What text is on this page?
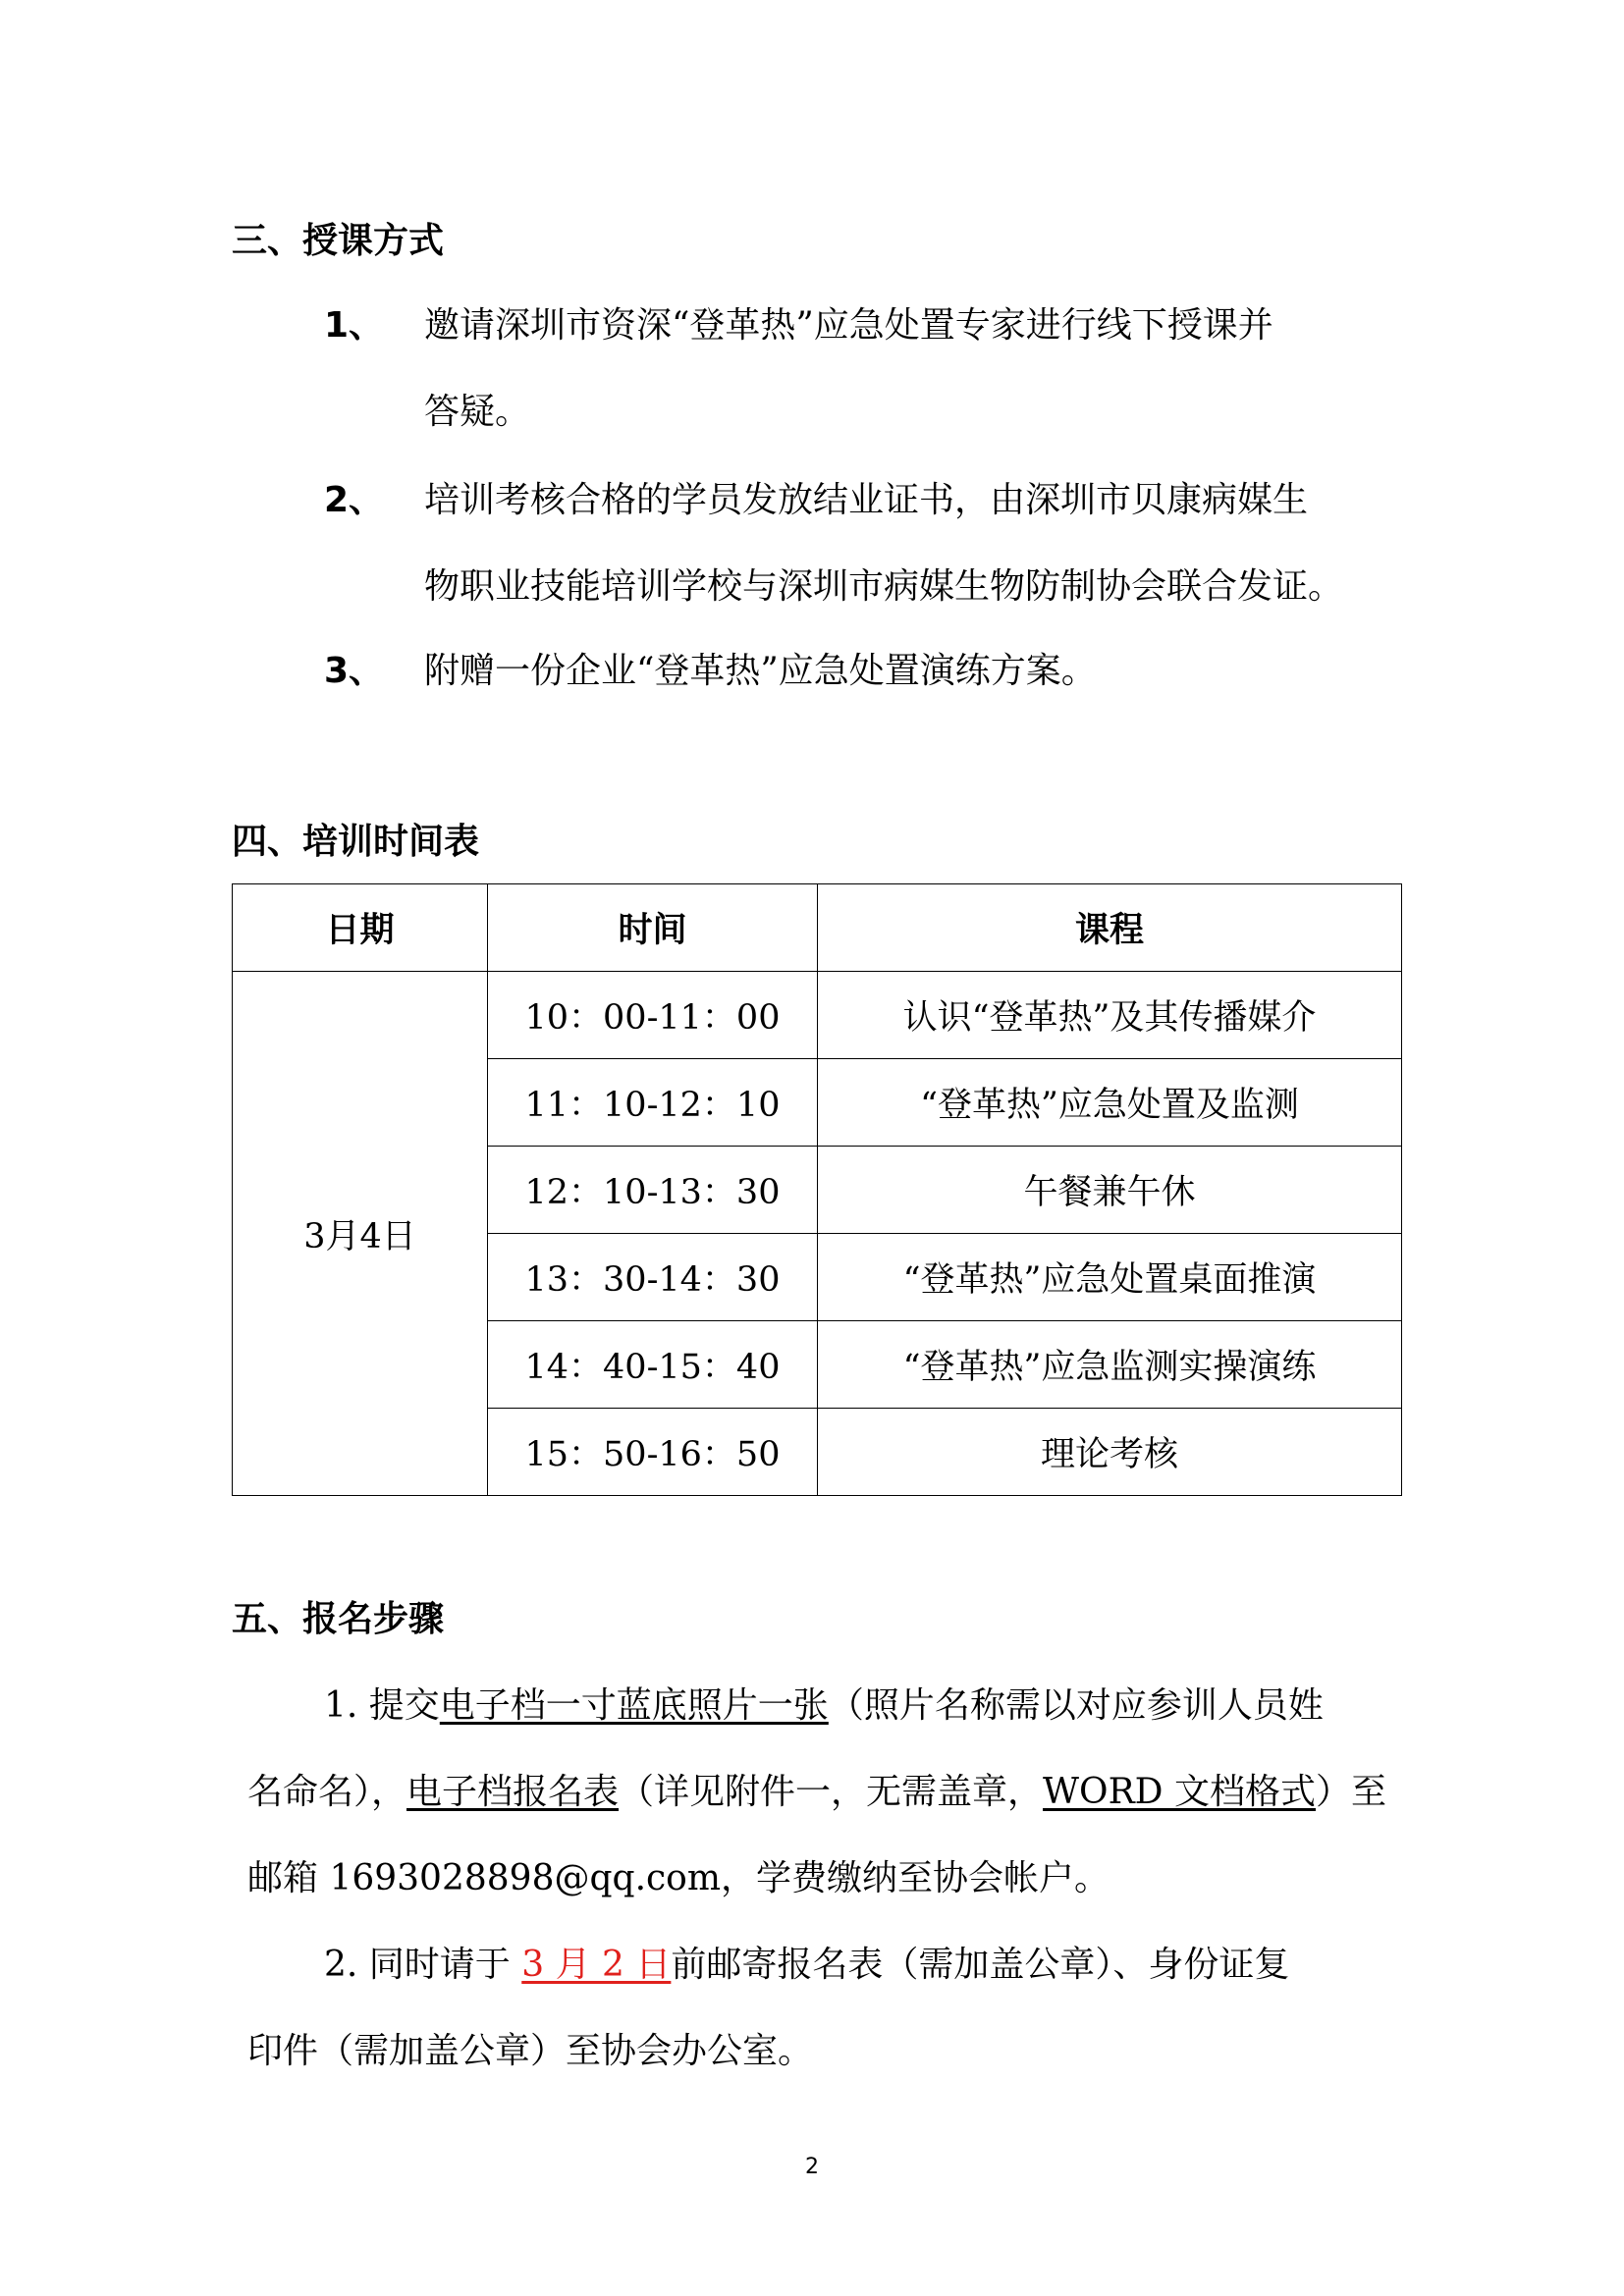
三、授课方式
1、 邀请深圳市资深“登革热”应急处置专家进行线下授课并
答疑。
2、 培训考核合格的学员发放结业证书，由深圳市贝康病媒生
物职业技能培训学校与深圳市病媒生物防制协会联合发证。
3、 附赠一份企业“登革热”应急处置演练方案。
四、培训时间表
日期	时间	课程
3月4日	10：00-11：00	认识“登革热”及其传播媒介
	11：10-12：10	“登革热”应急处置及监测
	12：10-13：30	午餐兼午休
	13：30-14：30	“登革热”应急处置桌面推演
	14：40-15：40	“登革热”应急监测实操演练
	15：50-16：50	理论考核
五、报名步骤
1. 提交电子档一寸蓝底照片一张（照片名称需以对应参训人员姓
名命名），电子档报名表（详见附件一，无需盖章，WORD 文档格式）至
邮箱 1693028898@qq.com，学费缴纳至协会帐户。
2. 同时请于 3 月 2 日前邮寄报名表（需加盖公章）、身份证复
印件（需加盖公章）至协会办公室。
2
